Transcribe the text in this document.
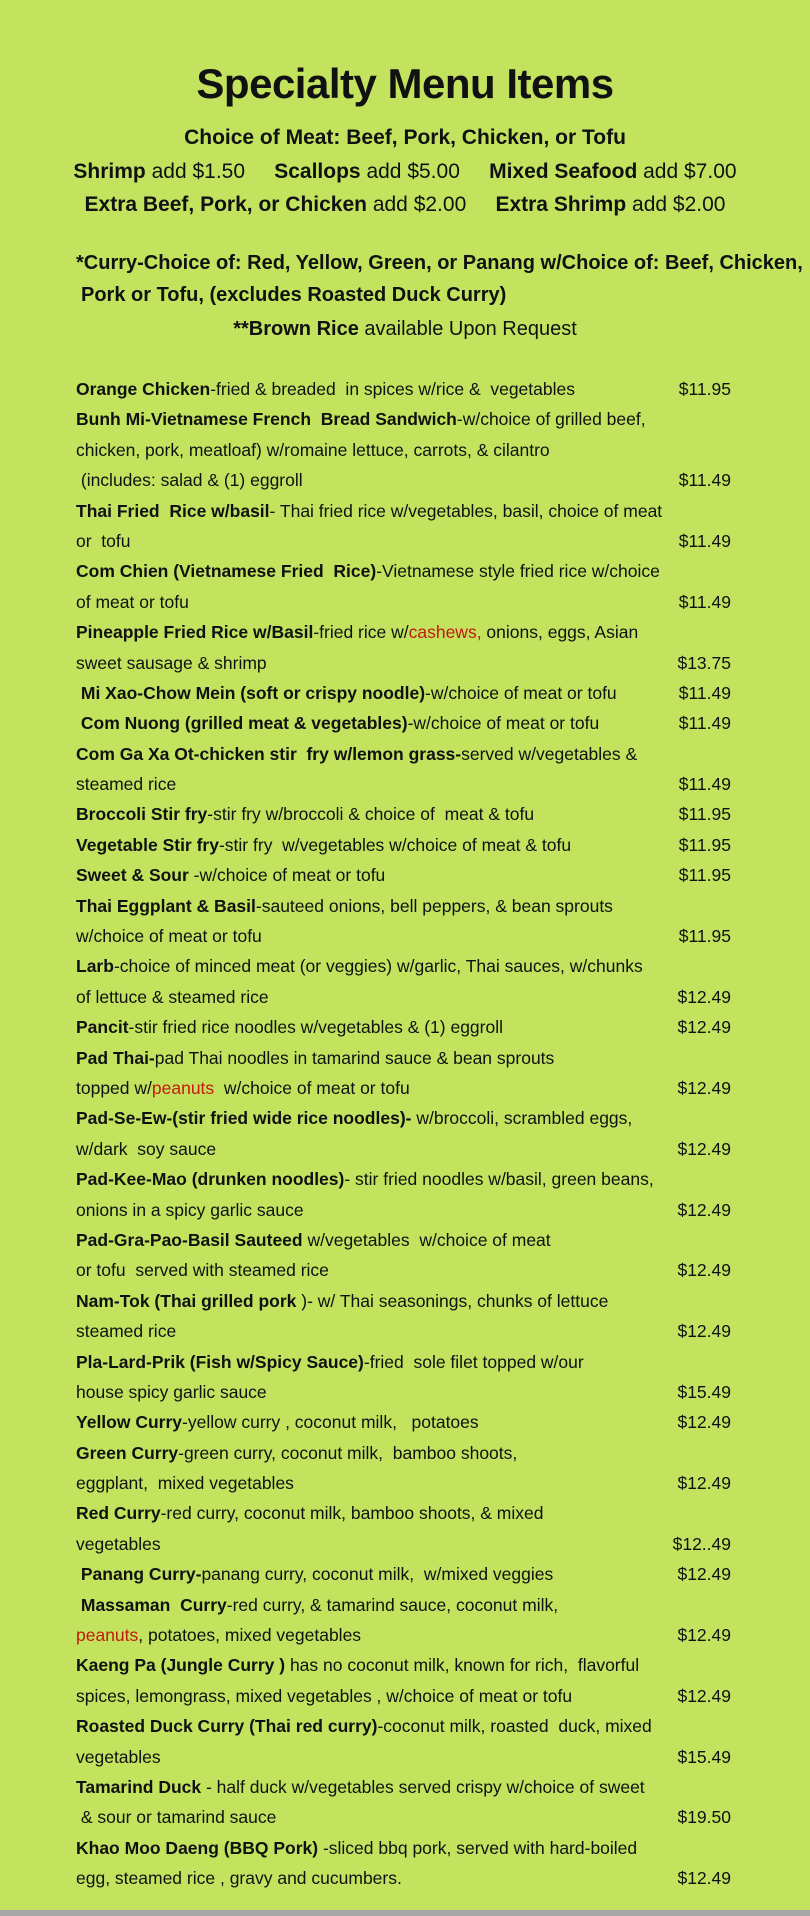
Specialty Menu Items
Choice of Meat: Beef, Pork, Chicken, or Tofu
Shrimp add $1.50 Scallops add $5.00 Mixed Seafood add $7.00
Extra Beef, Pork, or Chicken add $2.00 Extra Shrimp add $2.00
*Curry-Choice of: Red, Yellow, Green, or Panang w/Choice of: Beef, Chicken,
Pork or Tofu, (excludes Roasted Duck Curry)
**Brown Rice available Upon Request
Orange Chicken-fried & breaded  in spices w/rice &  vegetables	$11.95
Bunh Mi-Vietnamese French  Bread Sandwich-w/choice of grilled beef,
chicken, pork, meatloaf) w/romaine lettuce, carrots, & cilantro
(includes: salad & (1) eggroll	$11.49
Thai Fried  Rice w/basil- Thai fried rice w/vegetables, basil, choice of meat
or  tofu	$11.49
Com Chien (Vietnamese Fried  Rice)-Vietnamese style fried rice w/choice
of meat or tofu	$11.49
Pineapple Fried Rice w/Basil-fried rice w/cashews, onions, eggs, Asian
sweet sausage & shrimp	$13.75
Mi Xao-Chow Mein (soft or crispy noodle)-w/choice of meat or tofu	$11.49
Com Nuong (grilled meat & vegetables)-w/choice of meat or tofu	$11.49
Com Ga Xa Ot-chicken stir  fry w/lemon grass-served w/vegetables &
steamed rice	$11.49
Broccoli Stir fry-stir fry w/broccoli & choice of  meat & tofu	$11.95
Vegetable Stir fry-stir fry  w/vegetables w/choice of meat & tofu	$11.95
Sweet & Sour -w/choice of meat or tofu	$11.95
Thai Eggplant & Basil-sauteed onions, bell peppers, & bean sprouts
w/choice of meat or tofu	$11.95
Larb-choice of minced meat (or veggies) w/garlic, Thai sauces, w/chunks
of lettuce & steamed rice	$12.49
Pancit-stir fried rice noodles w/vegetables & (1) eggroll	$12.49
Pad Thai-pad Thai noodles in tamarind sauce & bean sprouts
topped w/peanuts  w/choice of meat or tofu	$12.49
Pad-Se-Ew-(stir fried wide rice noodles)- w/broccoli, scrambled eggs,
w/dark  soy sauce	$12.49
Pad-Kee-Mao (drunken noodles)- stir fried noodles w/basil, green beans,
onions in a spicy garlic sauce	$12.49
Pad-Gra-Pao-Basil Sauteed w/vegetables  w/choice of meat
or tofu  served with steamed rice	$12.49
Nam-Tok (Thai grilled pork )- w/ Thai seasonings, chunks of lettuce
steamed rice	$12.49
Pla-Lard-Prik (Fish w/Spicy Sauce)-fried  sole filet topped w/our
house spicy garlic sauce	$15.49
Yellow Curry-yellow curry , coconut milk,   potatoes	$12.49
Green Curry-green curry, coconut milk,  bamboo shoots,
eggplant,  mixed vegetables	$12.49
Red Curry-red curry, coconut milk, bamboo shoots, & mixed
vegetables	$12..49
Panang Curry-panang curry, coconut milk,  w/mixed veggies	$12.49
Massaman  Curry-red curry, & tamarind sauce, coconut milk,
peanuts, potatoes, mixed vegetables	$12.49
Kaeng Pa (Jungle Curry ) has no coconut milk, known for rich,  flavorful
spices, lemongrass, mixed vegetables , w/choice of meat or tofu	$12.49
Roasted Duck Curry (Thai red curry)-coconut milk, roasted  duck, mixed
vegetables	$15.49
Tamarind Duck - half duck w/vegetables served crispy w/choice of sweet
& sour or tamarind sauce	$19.50
Khao Moo Daeng (BBQ Pork) -sliced bbq pork, served with hard-boiled
egg, steamed rice , gravy and cucumbers.	$12.49
